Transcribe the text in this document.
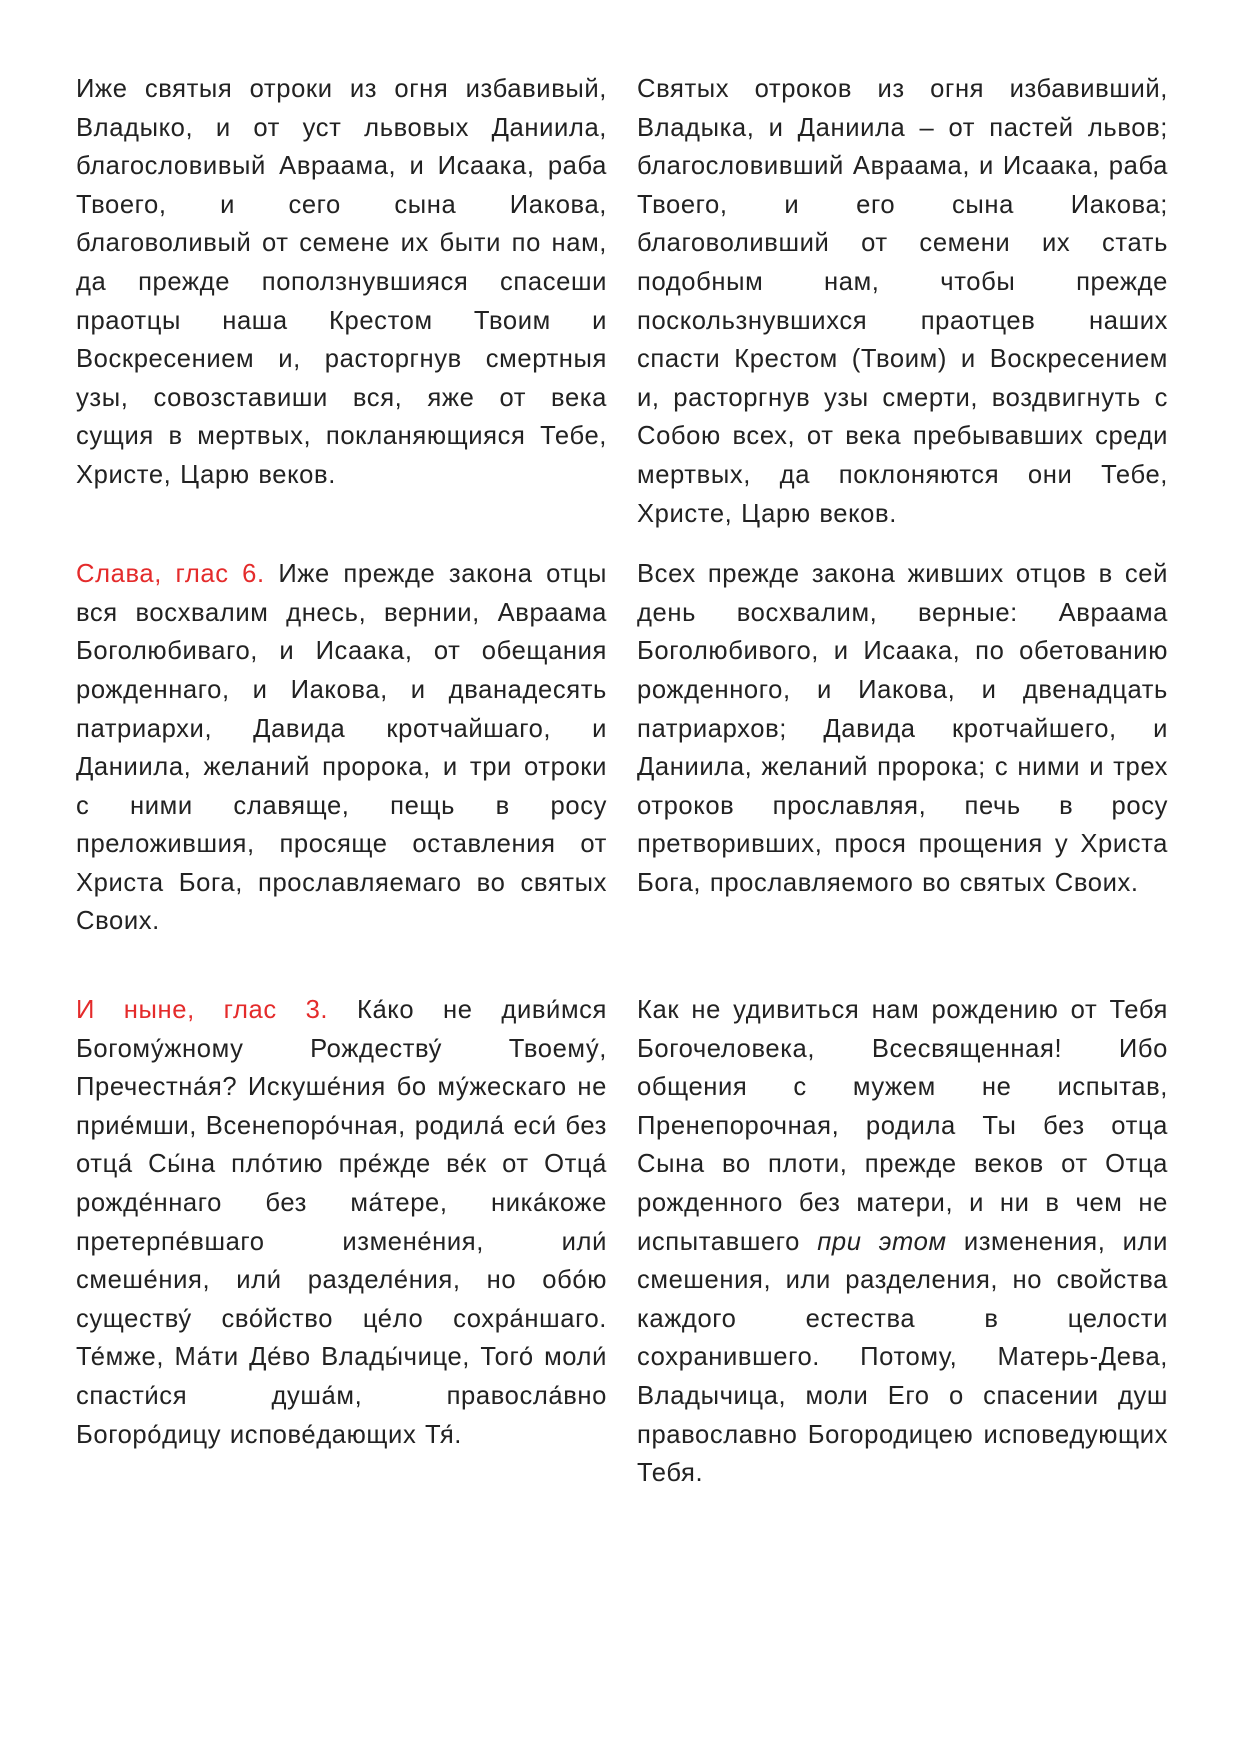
Иже святыя отроки из огня избавивый, Владыко, и от уст львовых Даниила, благословивый Авраама, и Исаака, раба Твоего, и сего сына Иакова, благоволивый от семене их быти по нам, да прежде поползнувшияся спасеши праотцы наша Крестом Твоим и Воскресением и, расторгнув смертныя узы, совозставиши вся, яже от века сущия в мертвых, покланяющияся Тебе, Христе, Царю веков.
Святых отроков из огня избавивший, Владыка, и Даниила – от пастей львов; благословивший Авраама, и Исаака, раба Твоего, и его сына Иакова; благоволивший от семени их стать подобным нам, чтобы прежде поскользнувшихся праотцев наших спасти Крестом (Твоим) и Воскресением и, расторгнув узы смерти, воздвигнуть с Собою всех, от века пребывавших среди мертвых, да поклоняются они Тебе, Христе, Царю веков.
Слава, глас 6. Иже прежде закона отцы вся восхвалим днесь, вернии, Авраама Боголюбиваго, и Исаака, от обещания рожденнаго, и Иакова, и дванадесять патриархи, Давида кротчайшаго, и Даниила, желаний пророка, и три отроки с ними славяще, пещь в росу преложившия, просяще оставления от Христа Бога, прославляемаго во святых Своих.
Всех прежде закона живших отцов в сей день восхвалим, верные: Авраама Боголюбивого, и Исаака, по обетованию рожденного, и Иакова, и двенадцать патриархов; Давида кротчайшего, и Даниила, желаний пророка; с ними и трех отроков прославляя, печь в росу претворивших, прося прощения у Христа Бога, прославляемого во святых Своих.
И ныне, глас 3. Ка́ко не диви́мся Богому́жному Рождеству́ Твоему́, Пречестна́я? Искуше́ния бо му́жескаго не прие́мши, Всенепоро́чная, родила́ еси́ без отца́ Сы́на пло́тию пре́жде ве́к от Отца́ рожде́ннаго без ма́тере, ника́коже претерпе́вшаго измене́ния, или́ смеше́ния, или́ разделе́ния, но обо́ю существу́ сво́йство це́ло сохра́ншаго. Те́мже, Ма́ти Де́во Влады́чице, Того́ моли́ спасти́ся душа́м, правосла́вно Богоро́дицу испове́дающих Тя́.
Как не удивиться нам рождению от Тебя Богочеловека, Всесвященная! Ибо общения с мужем не испытав, Пренепорочная, родила Ты без отца Сына во плоти, прежде веков от Отца рожденного без матери, и ни в чем не испытавшего при этом изменения, или смешения, или разделения, но свойства каждого естества в целости сохранившего. Потому, Матерь-Дева, Владычица, моли Его о спасении душ православно Богородицею исповедующих Тебя.
